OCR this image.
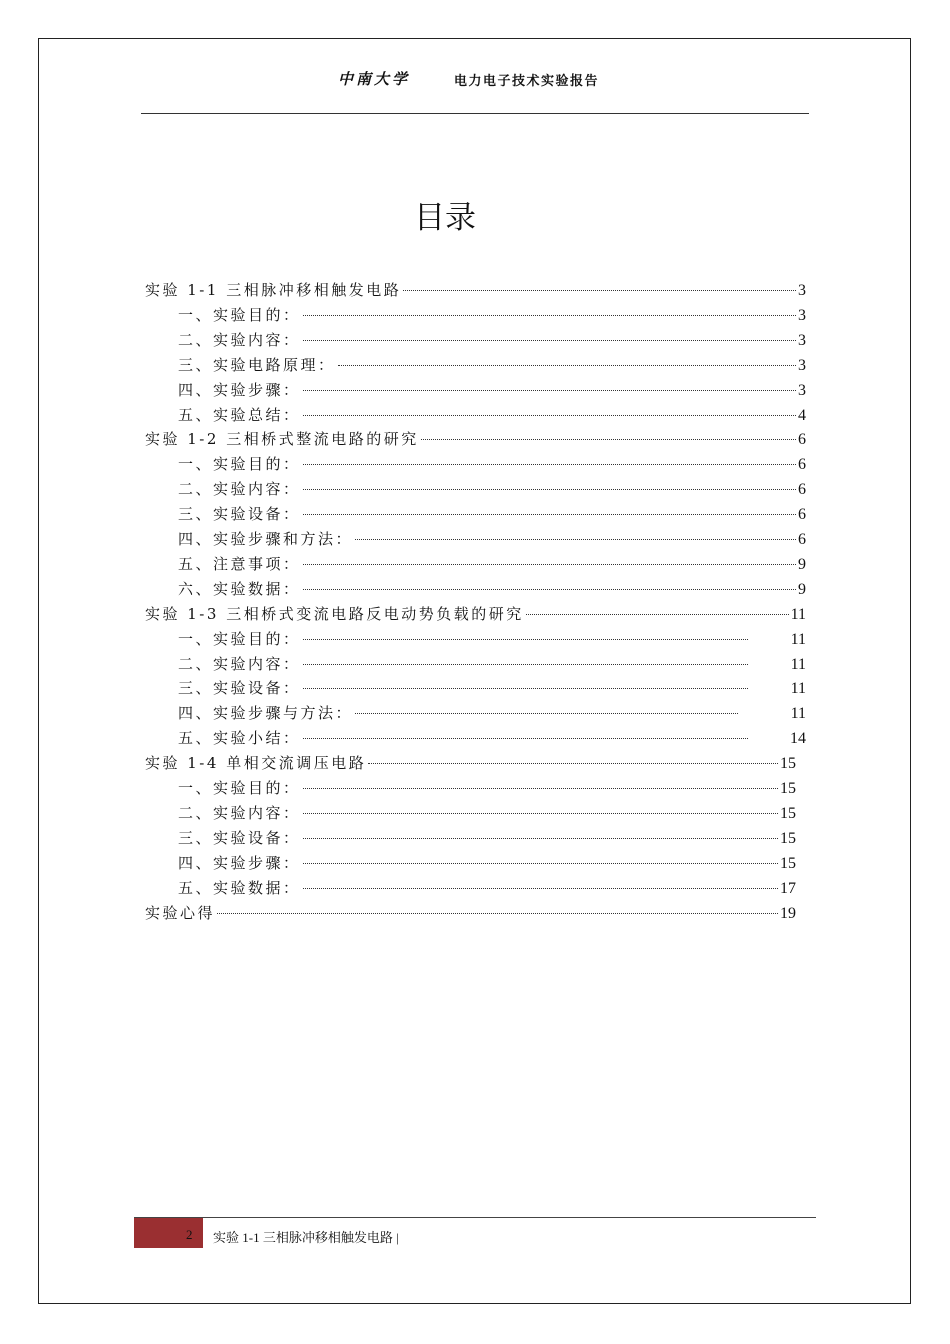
中南大学	电力电子技术实验报告
目录
实验 1-1 三相脉冲移相触发电路	3
一、实验目的：	3
二、实验内容：	3
三、实验电路原理：	3
四、实验步骤：	3
五、实验总结：	4
实验 1-2 三相桥式整流电路的研究	6
一、实验目的：	6
二、实验内容：	6
三、实验设备：	6
四、实验步骤和方法：	6
五、注意事项：	9
六、实验数据：	9
实验 1-3 三相桥式变流电路反电动势负载的研究	11
一、实验目的：	11
二、实验内容：	11
三、实验设备：	11
四、实验步骤与方法：	11
五、实验小结：	14
实验 1-4 单相交流调压电路	15
一、实验目的：	15
二、实验内容：	15
三、实验设备：	15
四、实验步骤：	15
五、实验数据：	17
实验心得	19
2 实验 1-1 三相脉冲移相触发电路 |
